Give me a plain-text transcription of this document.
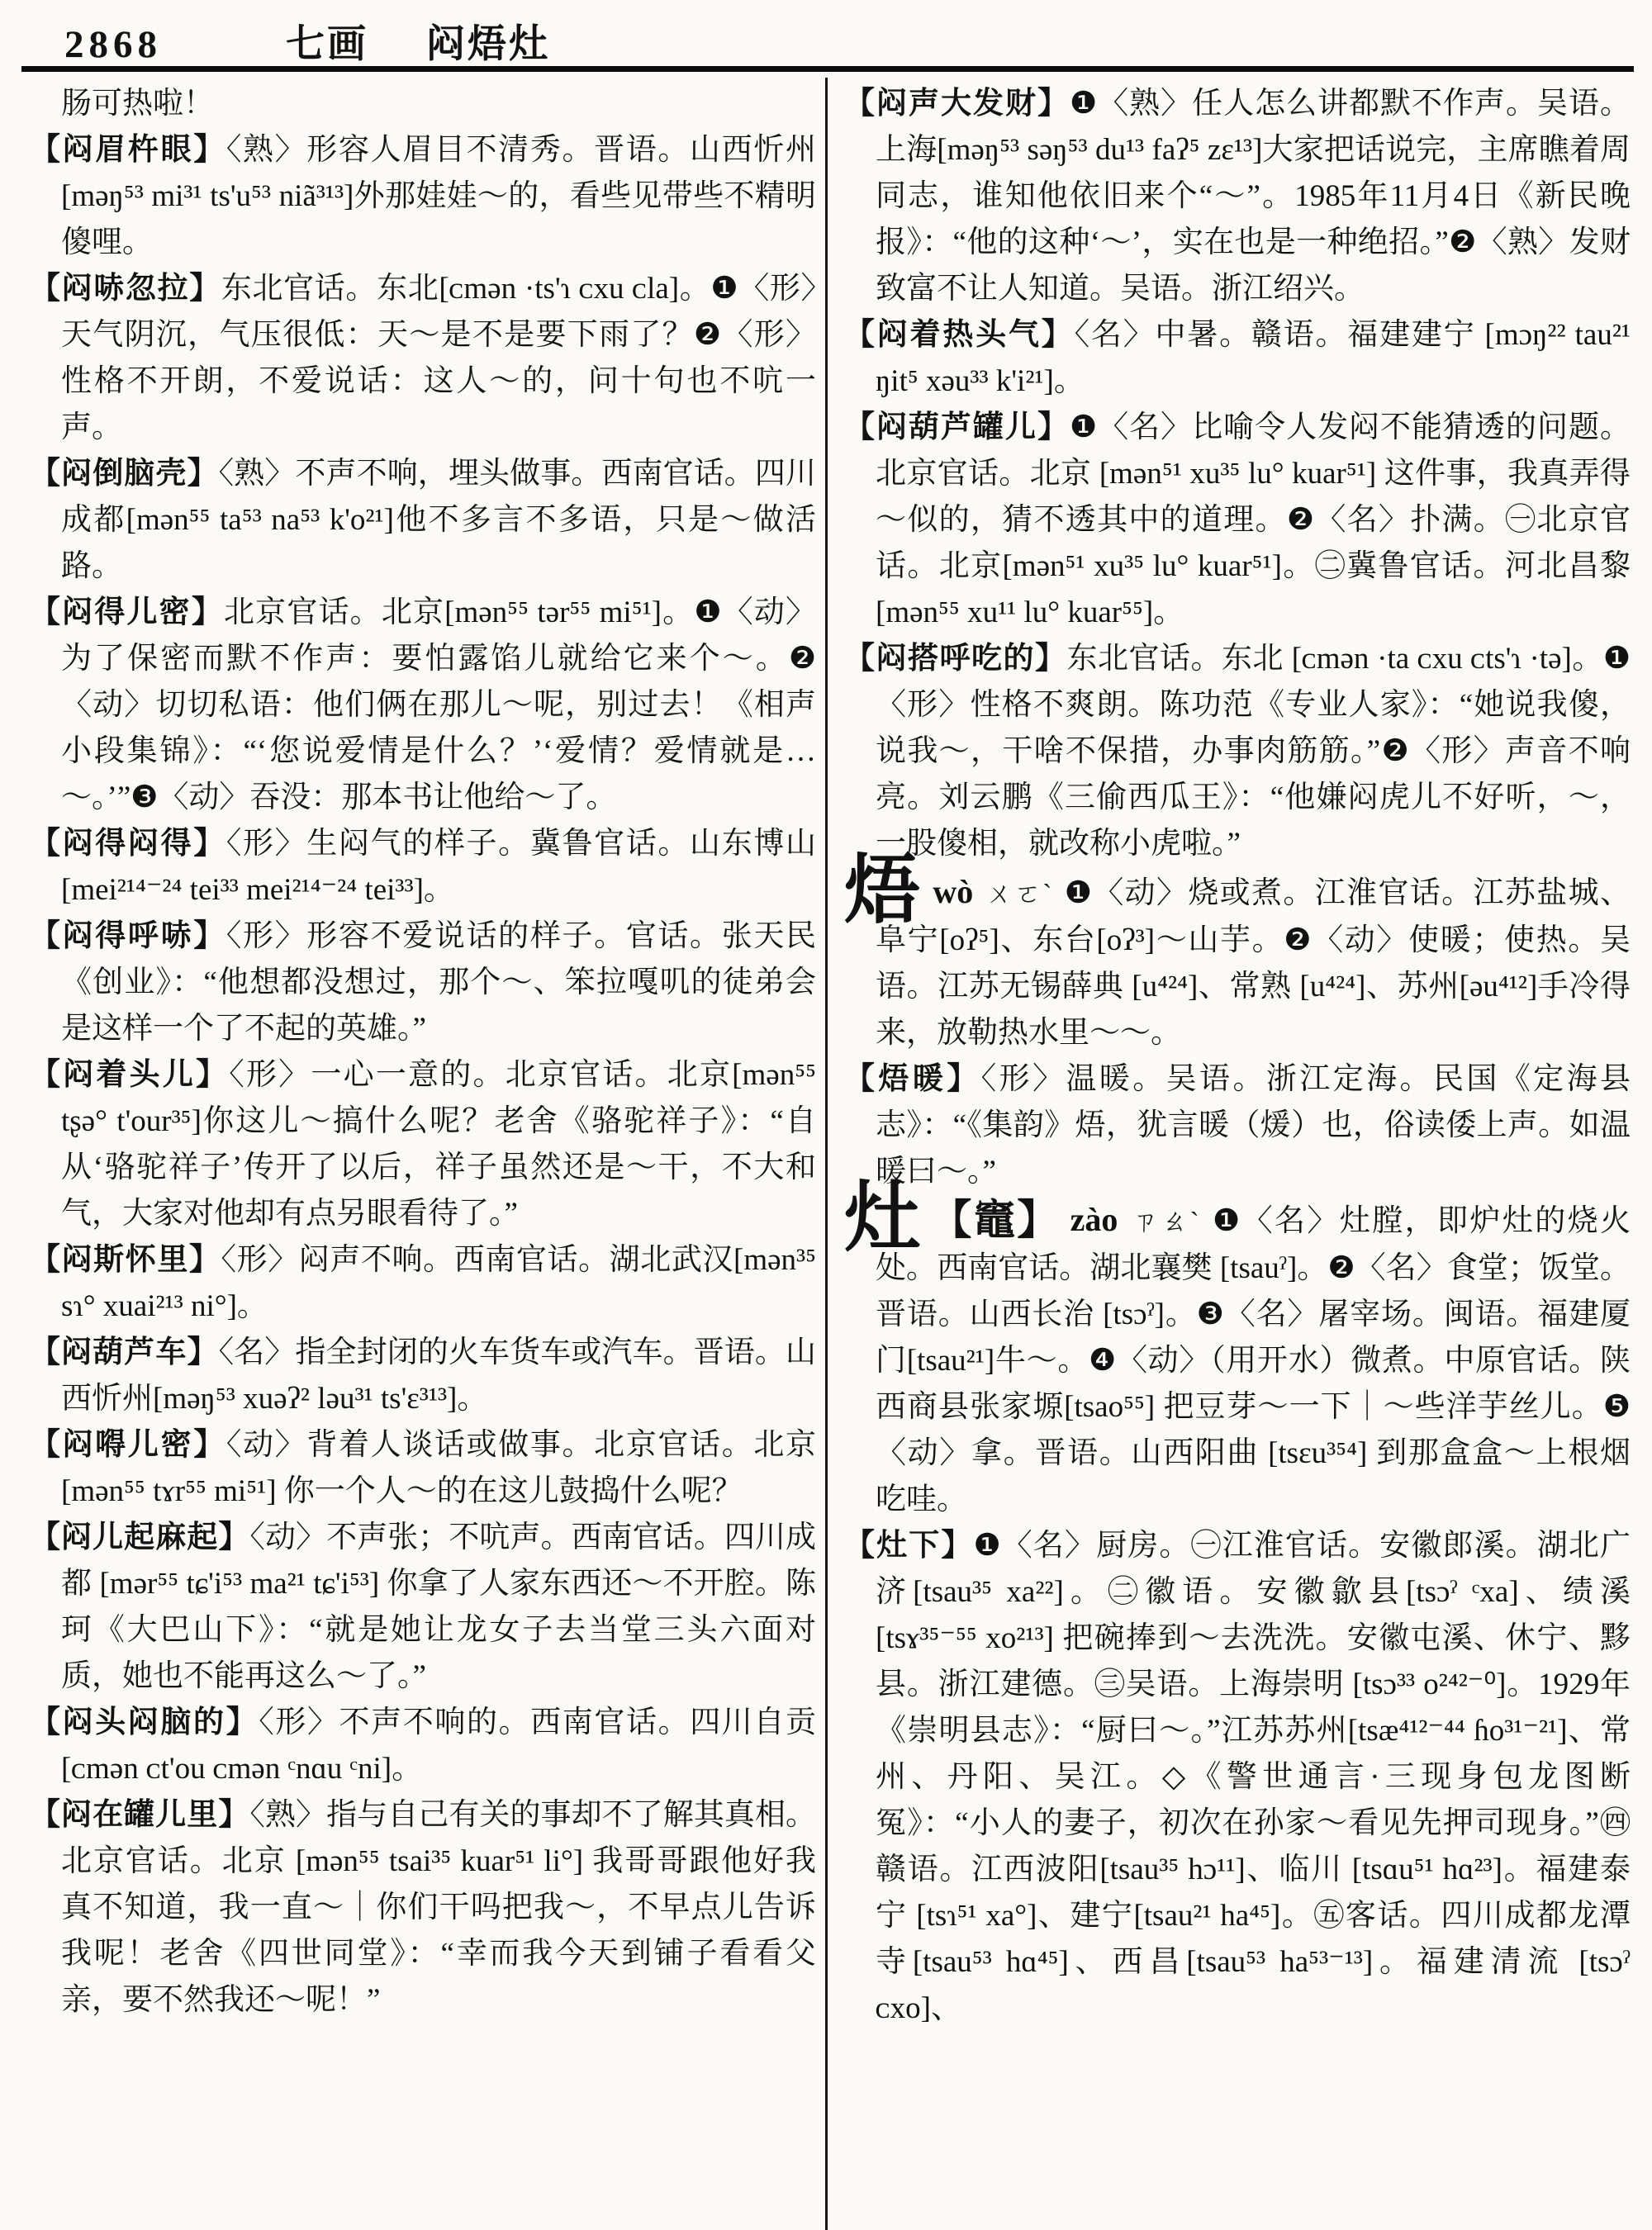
2868	七画 闷焐灶

肠可热啦！

【闷眉杵眼】〈熟〉形容人眉目不清秀。晋语。山西忻州[məŋ⁵³ mi³¹ ts'u⁵³ niã³¹³]外那娃娃～的，看些见带些不精明傻哩。

【闷哧忽拉】东北官话。东北[ᴄmən ·ts'ɿ ᴄxu ᴄla]。❶〈形〉天气阴沉，气压很低：天～是不是要下雨了？❷〈形〉性格不开朗，不爱说话：这人～的，问十句也不吭一声。

【闷倒脑壳】〈熟〉不声不响，埋头做事。西南官话。四川成都[mən⁵⁵ ta⁵³ na⁵³ k'o²¹]他不多言不多语，只是～做活路。

【闷得儿密】北京官话。北京[mən⁵⁵ tər⁵⁵ mi⁵¹]。❶〈动〉为了保密而默不作声：要怕露馅儿就给它来个～。❷〈动〉切切私语：他们俩在那儿～呢，别过去！《相声小段集锦》：“‘您说爱情是什么？’‘爱情？爱情就是…～。’”❸〈动〉吞没：那本书让他给～了。

【闷得闷得】〈形〉生闷气的样子。冀鲁官话。山东博山[mei²¹⁴⁻²⁴ tei³³ mei²¹⁴⁻²⁴ tei³³]。

【闷得呼哧】〈形〉形容不爱说话的样子。官话。张天民《创业》：“他想都没想过，那个～、笨拉嘎叽的徒弟会是这样一个了不起的英雄。”

【闷着头儿】〈形〉一心一意的。北京官话。北京[mən⁵⁵ tʂə° t'our³⁵]你这儿～搞什么呢？老舍《骆驼祥子》：“自从‘骆驼祥子’传开了以后，祥子虽然还是～干，不大和气，大家对他却有点另眼看待了。”

【闷斯怀里】〈形〉闷声不响。西南官话。湖北武汉[mən³⁵ sɿ° xuai²¹³ ni°]。

【闷葫芦车】〈名〉指全封闭的火车货车或汽车。晋语。山西忻州[məŋ⁵³ xuəʔ² ləu³¹ ts'ɛ³¹³]。

【闷嘚儿密】〈动〉背着人谈话或做事。北京官话。北京 [mən⁵⁵ tɤr⁵⁵ mi⁵¹] 你一个人～的在这儿鼓捣什么呢？

【闷儿起麻起】〈动〉不声张；不吭声。西南官话。四川成都 [mər⁵⁵ tɕ'i⁵³ ma²¹ tɕ'i⁵³] 你拿了人家东西还～不开腔。陈珂《大巴山下》：“就是她让龙女子去当堂三头六面对质，她也不能再这么～了。”

【闷头闷脑的】〈形〉不声不响的。西南官话。四川自贡[ᴄmən ᴄt'ou ᴄmən ᶜnɑu ᶜni]。

【闷在罐儿里】〈熟〉指与自己有关的事却不了解其真相。北京官话。北京 [mən⁵⁵ tsai³⁵ kuar⁵¹ li°] 我哥哥跟他好我真不知道，我一直～｜你们干吗把我～，不早点儿告诉我呢！老舍《四世同堂》：“幸而我今天到铺子看看父亲，要不然我还～呢！”

【闷声大发财】❶〈熟〉任人怎么讲都默不作声。吴语。上海[məŋ⁵³ səŋ⁵³ du¹³ faʔ⁵ zɛ¹³]大家把话说完，主席瞧着周同志，谁知他依旧来个“～”。1985年11月4日《新民晚报》：“他的这种‘～’，实在也是一种绝招。”❷〈熟〉发财致富不让人知道。吴语。浙江绍兴。

【闷着热头气】〈名〉中暑。赣语。福建建宁 [mɔŋ²² tau²¹ ŋit⁵ xəu³³ k'i²¹]。

【闷葫芦罐儿】❶〈名〉比喻令人发闷不能猜透的问题。北京官话。北京 [mən⁵¹ xu³⁵ lu° kuar⁵¹] 这件事，我真弄得～似的，猜不透其中的道理。❷〈名〉扑满。㊀北京官话。北京[mən⁵¹ xu³⁵ lu° kuar⁵¹]。㊁冀鲁官话。河北昌黎 [mən⁵⁵ xu¹¹ lu° kuar⁵⁵]。

【闷搭呼吃的】东北官话。东北 [ᴄmən ·ta ᴄxu ᴄts'ɿ ·tə]。❶〈形〉性格不爽朗。陈功范《专业人家》：“她说我傻，说我～，干啥不保措，办事肉筋筋。”❷〈形〉声音不响亮。刘云鹏《三偷西瓜王》：“他嫌闷虎儿不好听，～，一股傻相，就改称小虎啦。”

焐wò ㄨㄛˋ ❶〈动〉烧或煮。江淮官话。江苏盐城、阜宁[oʔ⁵]、东台[oʔ³]～山芋。❷〈动〉使暖；使热。吴语。江苏无锡薛典 [u⁴²⁴]、常熟 [u⁴²⁴]、苏州[əu⁴¹²]手冷得来，放勒热水里～～。

【焐暖】〈形〉温暖。吴语。浙江定海。民国《定海县志》：“《集韵》焐，犹言暖（煖）也，俗读倭上声。如温暖曰～。”

灶 【竈】 zào ㄗㄠˋ ❶〈名〉灶膛，即炉灶的烧火处。西南官话。湖北襄樊 [tsauˀ]。❷〈名〉食堂；饭堂。晋语。山西长治 [tsɔˀ]。❸〈名〉屠宰场。闽语。福建厦门[tsau²¹]牛～。❹〈动〉（用开水）微煮。中原官话。陕西商县张家塬[tsao⁵⁵] 把豆芽～一下｜～些洋芋丝儿。❺〈动〉拿。晋语。山西阳曲 [tsɛu³⁵⁴] 到那盒盒～上根烟吃哇。

【灶下】❶〈名〉厨房。㊀江淮官话。安徽郎溪。湖北广济[tsau³⁵ xa²²]。㊁徽语。安徽歙县[tsɔˀ ᶜxa]、绩溪 [tsɤ³⁵⁻⁵⁵ xo²¹³] 把碗捧到～去洗洗。安徽屯溪、休宁、黟县。浙江建德。㊂吴语。上海崇明 [tsɔ³³ o²⁴²⁻⁰]。1929年《崇明县志》：“厨曰～。”江苏苏州[tsæ⁴¹²⁻⁴⁴ ɦo³¹⁻²¹]、常州、丹阳、吴江。◇《警世通言·三现身包龙图断冤》：“小人的妻子，初次在孙家～看见先押司现身。”㊃赣语。江西波阳[tsau³⁵ hɔ¹¹]、临川 [tsɑu⁵¹ hɑ²³]。福建泰宁 [tsɿ⁵¹ xa°]、建宁[tsau²¹ ha⁴⁵]。㊄客话。四川成都龙潭寺[tsau⁵³ hɑ⁴⁵]、西昌[tsau⁵³ ha⁵³⁻¹³]。福建清流 [tsɔˀ ᴄxo]、
